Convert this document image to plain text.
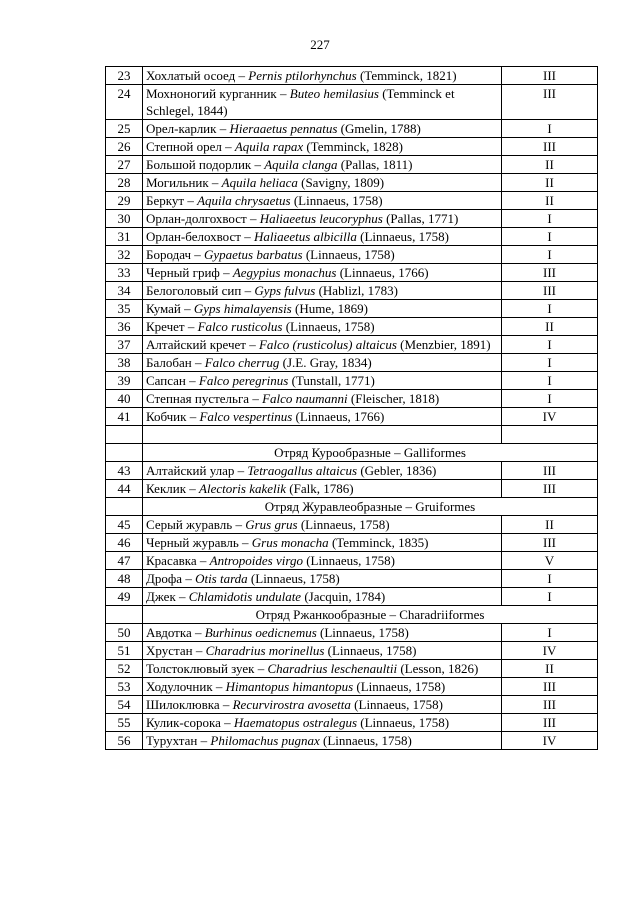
227
23	Хохлатый осоед – Pernis ptilorhynchus (Temminck, 1821)	III
24	Мохноногий курганник – Buteo hemilasius (Temminck et Schlegel, 1844)	III
25	Орел-карлик – Hieraaetus pennatus (Gmelin, 1788)	I
26	Степной орел – Aquila rapax (Temminck, 1828)	III
27	Большой подорлик – Aquila clanga (Pallas, 1811)	II
28	Могильник – Aquila heliaca (Savigny, 1809)	II
29	Беркут – Aquila chrysaetus (Linnaeus, 1758)	II
30	Орлан-долгохвост – Haliaeetus leucoryphus (Pallas, 1771)	I
31	Орлан-белохвост – Haliaeetus albicilla (Linnaeus, 1758)	I
32	Бородач – Gypaetus barbatus (Linnaeus, 1758)	I
33	Черный гриф – Aegypius monachus (Linnaeus, 1766)	III
34	Белоголовый сип – Gyps fulvus (Hablizl, 1783)	III
35	Кумай – Gyps himalayensis (Hume, 1869)	I
36	Кречет – Falco rusticolus (Linnaeus, 1758)	II
37	Алтайский кречет – Falco (rusticolus) altaicus (Menzbier, 1891)	I
38	Балобан – Falco cherrug (J.E. Gray, 1834)	I
39	Сапсан – Falco peregrinus (Tunstall, 1771)	I
40	Степная пустельга – Falco naumanni (Fleischer, 1818)	I
41	Кобчик – Falco vespertinus (Linnaeus, 1766)	IV

	Отряд Курообразные – Galliformes	
43	Алтайский улар – Tetraogallus altaicus (Gebler, 1836)	III
44	Кеклик – Alectoris kakelik (Falk, 1786)	III
	Отряд Журавлеобразные – Gruiformes	
45	Серый журавль – Grus grus (Linnaeus, 1758)	II
46	Черный журавль – Grus monacha (Temminck, 1835)	III
47	Красавка – Antropoides virgo (Linnaeus, 1758)	V
48	Дрофа – Otis tarda (Linnaeus, 1758)	I
49	Джек – Chlamidotis undulate (Jacquin, 1784)	I
	Отряд Ржанкообразные – Charadriiformes	
50	Авдотка – Burhinus oedicnemus (Linnaeus, 1758)	I
51	Хрустан – Charadrius morinellus (Linnaeus, 1758)	IV
52	Толстоклювый зуек – Charadrius leschenaultii (Lesson, 1826)	II
53	Ходулочник – Himantopus himantopus (Linnaeus, 1758)	III
54	Шилоклювка – Recurvirostra avosetta (Linnaeus, 1758)	III
55	Кулик-сорока – Haematopus ostralegus (Linnaeus, 1758)	III
56	Турухтан – Philomachus pugnax (Linnaeus, 1758)	IV
